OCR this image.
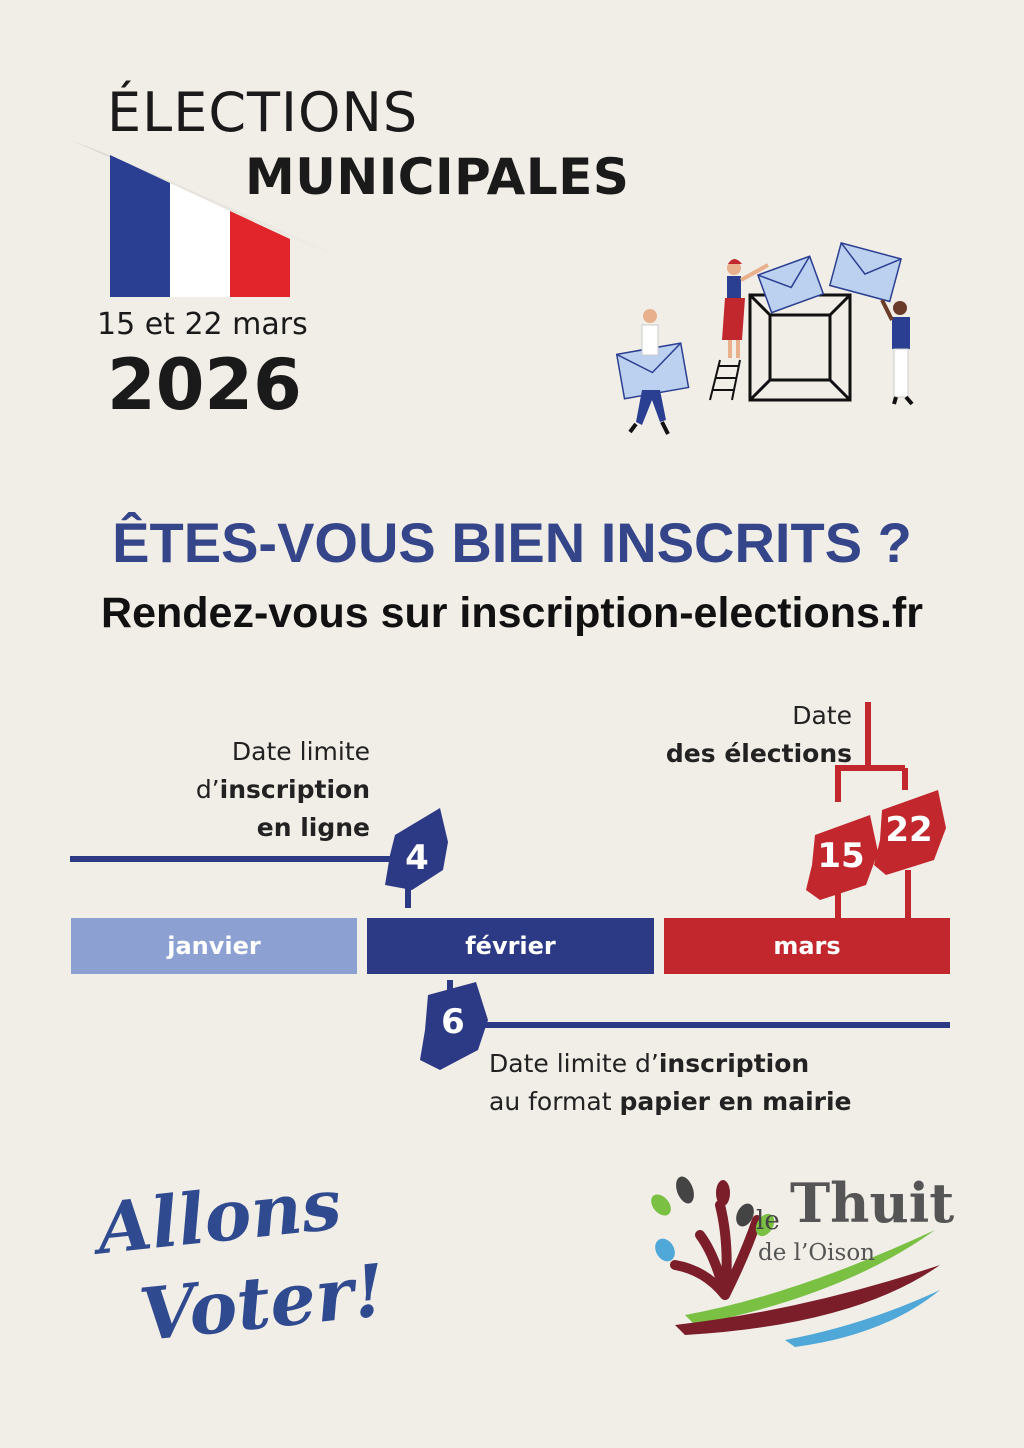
ÉLECTIONS
MUNICIPALES
15 et 22 mars
2026
ÊTES-VOUS BIEN INSCRITS ?
Rendez-vous sur inscription-elections.fr
4
6
15
22
Date limite
d’inscription
en ligne
Date
des élections
janvier	février	mars
Date limite d’inscription
au format papier en mairie
Allons
Voter!
le Thuit
de l’Oison
